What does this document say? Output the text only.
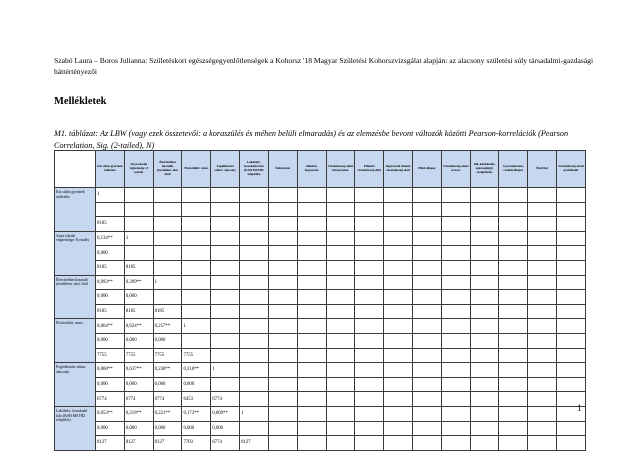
Szabó Laura – Boros Julianna: Születéskori egészségegyenlőtlenségek a Kohorsz '18 Magyar Születési Kohorszvizsgálat alapján: az alacsony születési súly társadalmi-gazdasági háttértényezői
Mellékletek
M1. táblázat: Az LBW (vagy ezek összetevői: a koraszülés és méhen belüli elmaradás) és az elemzésbe bevont változók közötti Pearson-korrelációk (Pearson Correlation, Sig. (2-tailed), N)
	Kis súlyú gyermek születése	Anya iskolai végzettsége: 8 osztály	Életvitelben használt jövedelem: alsó ötöd	Elsőszülött: nincs	Foglalkozási státus: alacsony	Lakóhely: leszakadó falu (KSH MSTH2 település)	Dohányzás	Alkohol-fogyasztás	Várandósság alatti bizonytalan	Elhízott várandósság előtt	Depresszió tünetei várandósság alatt	Hűtő állapot	Várandósság alatti stressz	Idő, közlekedés, egészségügyi szolgáltatás	Gyermekszám, családi állapot	Életvitel	Várandósság alatti problémák
Kis súlyú gyermek születése	1																

	8185																
Anya iskolai végzettsége: 8 osztály	0,134**	1															
	0,000																
	8185	8185															
Életvitelben használt jövedelem: alsó ötöd	0,093**	0,399**	1														
	0,000	0,000															
	8185	8185	8185														
Elsőszülött: nincs	0,064**	0,624**	0,257**	1													
	0,000	0,000	0,000														
	7755	7755	7755	7755													
Foglalkozási státus: alacsony	0,060**	0,637**	0,238**	0,210**	1												
	0,000	0,000	0,000	0,000													
	6774	6774	6774	6453	6774												
Lakóhely: leszakadó falu (KSH MSTH2 település)	0,053**	0,218**	0,221**	0,173**	0,069**	1											
	0,000	0,000	0,000	0,000	0,000												
	8127	8127	8127	7703	6774	8127											
1
